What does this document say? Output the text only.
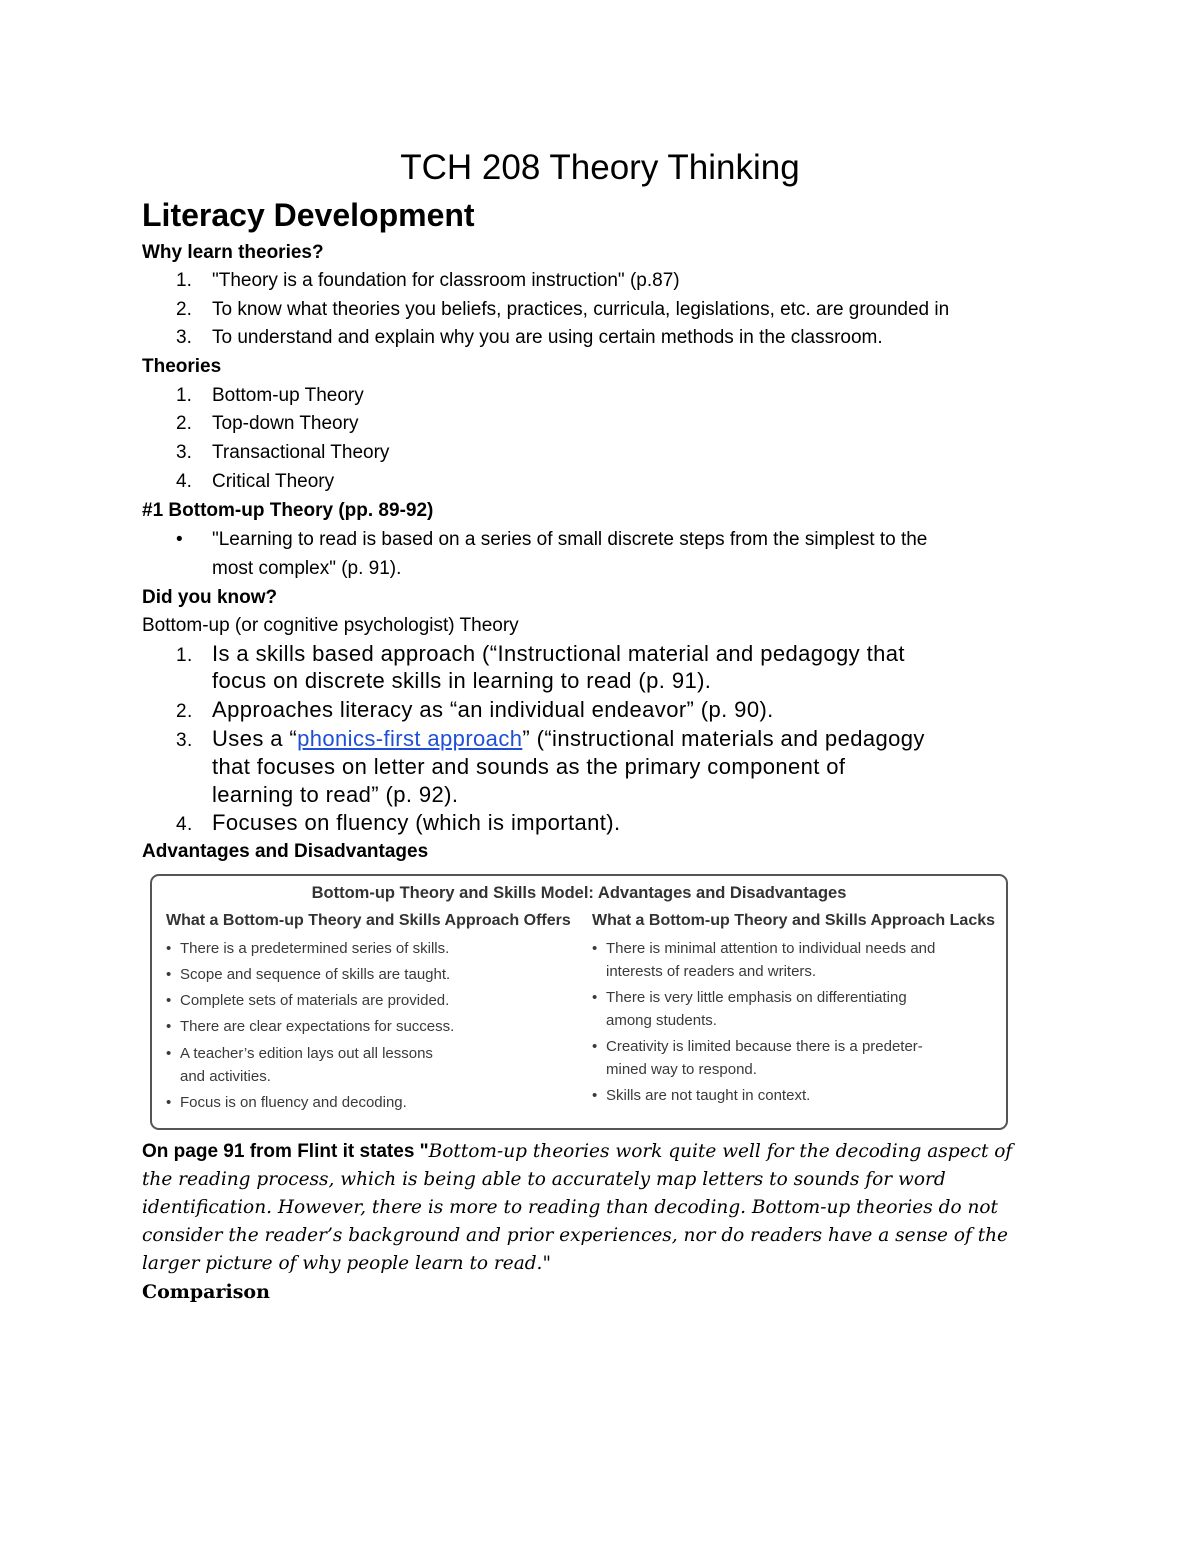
TCH 208 Theory Thinking
Literacy Development
Why learn theories?
1. "Theory is a foundation for classroom instruction" (p.87)
2. To know what theories you beliefs, practices, curricula, legislations, etc. are grounded in
3. To understand and explain why you are using certain methods in the classroom.
Theories
1. Bottom-up Theory
2. Top-down Theory
3. Transactional Theory
4. Critical Theory
#1 Bottom-up Theory (pp. 89-92)
• "Learning to read is based on a series of small discrete steps from the simplest to the
most complex" (p. 91).
Did you know?
Bottom-up (or cognitive psychologist) Theory
1. Is a skills based approach (“Instructional material and pedagogy that
focus on discrete skills in learning to read (p. 91).
2. Approaches literacy as “an individual endeavor” (p. 90).
3. Uses a “phonics-first approach” (“instructional materials and pedagogy
that focuses on letter and sounds as the primary component of
learning to read” (p. 92).
4. Focuses on fluency (which is important).
Advantages and Disadvantages
Bottom-up Theory and Skills Model: Advantages and Disadvantages
What a Bottom-up Theory and Skills Approach Offers What a Bottom-up Theory and Skills Approach Lacks
• There is a predetermined series of skills.
• Scope and sequence of skills are taught.
• Complete sets of materials are provided.
• There are clear expectations for success.
• A teacher’s edition lays out all lessons
and activities.
• Focus is on fluency and decoding.
• There is minimal attention to individual needs and
interests of readers and writers.
• There is very little emphasis on differentiating
among students.
• Creativity is limited because there is a predeter-
mined way to respond.
• Skills are not taught in context.
On page 91 from Flint it states "Bottom-up theories work quite well for the decoding aspect of
the reading process, which is being able to accurately map letters to sounds for word
identification. However, there is more to reading than decoding. Bottom-up theories do not
consider the reader’s background and prior experiences, nor do readers have a sense of the
larger picture of why people learn to read."
Comparison
